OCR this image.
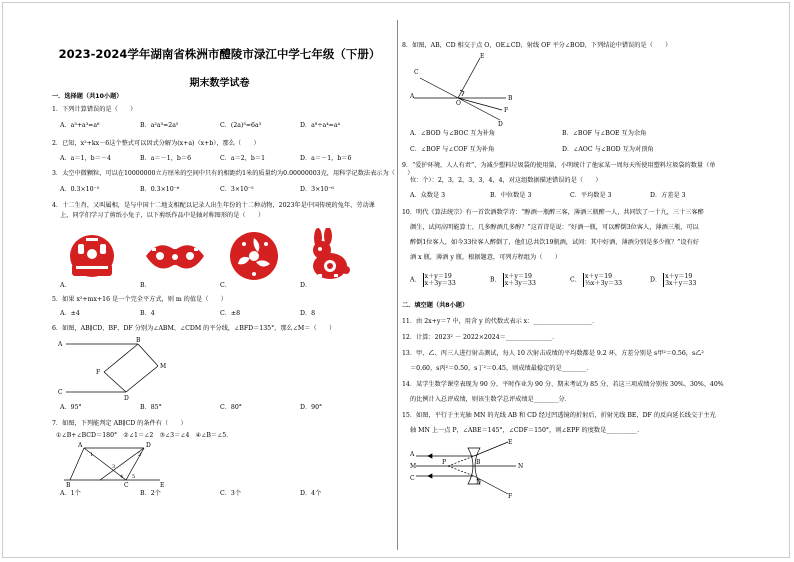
2023-2024学年湖南省株洲市醴陵市渌江中学七年级（下册）
期末数学试卷
一．选择题（共10小题）
1．下列计算错误的是（　　）
A．a³+a³=a⁶	B．a²a³=2a⁵	C．(2a)³=6a³	D．a⁸÷a⁴=a⁴
2．已知，x²+kx－6这个整式可以因式分解为(x+a)（x+b），那么（　　）
A．a＝1，b＝－4	B．a＝－1，b＝6	C．a＝2，b＝1	D．a＝－1，b＝6
3．太空中微颗粒，可以在10000000立方厘米的空间中只有的相距约1米的质量约为0.00000003克，用科学记数法表示为（　　）
A．0.3×10⁻⁵	B．0.3×10⁻⁶	C．3×10⁻⁵	D．3×10⁻⁶
4．十二生肖，又叫属相，是与中国十二地支相配以记录人出生年份的十二种动物，2023年是中国传统的兔年，劳动课
上，同学们学习了剪纸小兔子，以下剪纸作品中是轴对称图形的是（　　）
A．	B．	C．	D．
5．如果 x²+mx+16 是一个完全平方式，则 m 的值是（　　）
A．±4	B．4	C．±8	D．8
6．如图，AB∥CD，BF、DF 分别为∠ABM、∠CDM 的平分线，∠BFD＝135°，那么∠M＝（　　）
A
B
C
D
F
M
A．95°	B．85°	C．80°	D．90°
7．如图，下列能判定 AB∥CD 的条件有（　　）
①∠B+∠BCD＝180°　②∠1＝∠2　③∠3＝∠4　④∠B＝∠5．
A	D
B	C	E
1	2
3
4 5
A．1个	B．2个	C．3个	D．4个
8．如图，AB，CD 相交于点 O，OE⊥CD，射线 OF 平分∠BOD，下列结论中错误的是（　　）
E
C
A
O
B
F
D
A．∠BOD 与∠BOC 互为补角	B．∠BOF 与∠BOE 互为余角
C．∠BOF 与∠COF 互为补角	D．∠AOC 与∠BOD 互为对顶角
9．“爱护环境，人人有责”，为减少塑料垃圾袋的使用量，小明统计了他家某一周每天所使用塑料垃圾袋的数量（单
位：个）：2，3，2，3，3，4，4，对这组数据描述错误的是（　　）
A．众数是 3	B．中位数是 3	C．平均数是 3	D．方差是 3
10．明代《算法统宗》有一首饮酒数学诗：“醇酒一瓶醉三客，薄酒三瓶醉一人，共同饮了一十九，三十三客醉
颜生，试问高明能算士，几多醇酒几多醇？”这首诗是说：“好酒一瓶，可以醉倒3位客人，薄酒三瓶，可以
醉倒1位客人，如今33位客人醉倒了，他们总共饮19瓶酒，试问：其中好酒、薄酒分别是多少瓶？”设有好
酒 x 瓶，薄酒 y 瓶，根据题意，可列方程组为（　　）
A． x＋y＝19
x＋3y＝33	B． x＋y＝19
x＋3y＝33	C． x＋y＝19
⅓x＋3y＝33	D． x＋y＝19
3x＋y＝33
二．填空题（共8小题）
11．由 2x+y＝7 中，用含 y 的代数式表示 x：___________________．
12．计算：2023² － 2022×2024＝_______________．
13．甲、乙、丙三人进行射击测试，每人 10 次射击成绩的平均数都是 9.2 环，方差分别是 s甲²＝0.56，s乙²
＝0.60，s丙²＝0.50，s丁²＝0.45，则成绩最稳定的是________．
14．某学生数学课堂表现为 90 分、平时作业为 90 分、期末考试为 85 分，若这三项成绩分别按 30%、30%、40%
的比例计入总评成绩，则该生数学总评成绩是________分．
15．如图，平行于主光轴 MN 的光线 AB 和 CD 经过凹透镜的折射后，折射光线 BE，DF 的反向延长线交于主光
轴 MN 上一点 P，∠ABE＝145°，∠CDF＝150°，则∠EPF 的度数是__________．
E
A
M
C
P	B
D
N
F
